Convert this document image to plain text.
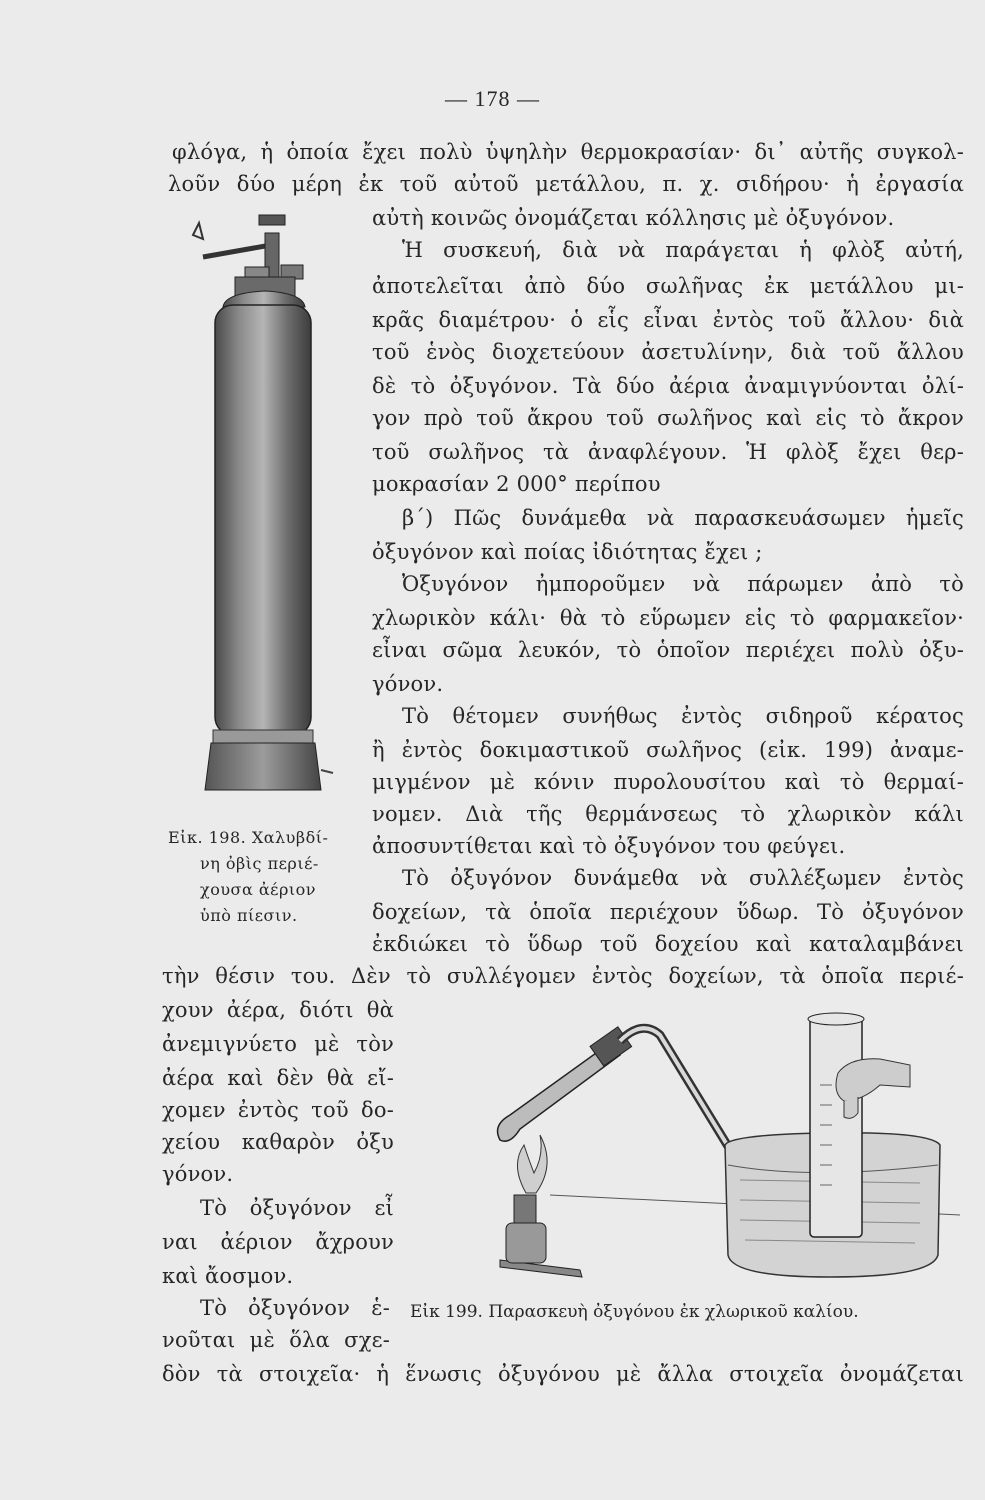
— 178 —
φλόγα, ἡ ὁποία ἔχει πολὺ ὑψηλὴν θερμοκρασίαν· δι᾽ αὐτῆς συγκολ-
λοῦν δύο μέρη ἐκ τοῦ αὐτοῦ μετάλλου, π. χ. σιδήρου· ἡ ἐργασία
αὐτὴ κοινῶς ὀνομάζεται κόλλησις μὲ ὀξυγόνον.
Ἡ συσκευή, διὰ νὰ παράγεται ἡ φλὸξ αὐτή,
ἀποτελεῖται ἀπὸ δύο σωλῆνας ἐκ μετάλλου μι-
κρᾶς διαμέτρου· ὁ εἷς εἶναι ἐντὸς τοῦ ἄλλου· διὰ
τοῦ ἑνὸς διοχετεύουν ἀσετυλίνην, διὰ τοῦ ἄλλου
δὲ τὸ ὀξυγόνον. Τὰ δύο ἀέρια ἀναμιγνύονται ὀλί-
γον πρὸ τοῦ ἄκρου τοῦ σωλῆνος καὶ εἰς τὸ ἄκρον
τοῦ σωλῆνος τὰ ἀναφλέγουν. Ἡ φλὸξ ἔχει θερ-
μοκρασίαν 2 000° περίπου
β΄) Πῶς δυνάμεθα νὰ παρασκευάσωμεν ἡμεῖς
ὀξυγόνον καὶ ποίας ἰδιότητας ἔχει ;
Ὀξυγόνον ἠμποροῦμεν νὰ πάρωμεν ἀπὸ τὸ
χλωρικὸν κάλι· θὰ τὸ εὕρωμεν εἰς τὸ φαρμακεῖον·
εἶναι σῶμα λευκόν, τὸ ὁποῖον περιέχει πολὺ ὀξυ-
γόνον.
Τὸ θέτομεν συνήθως ἐντὸς σιδηροῦ κέρατος
ἢ ἐντὸς δοκιμαστικοῦ σωλῆνος (εἰκ. 199) ἀναμε-
μιγμένον μὲ κόνιν πυρολουσίτου καὶ τὸ θερμαί-
νομεν. Διὰ τῆς θερμάνσεως τὸ χλωρικὸν κάλι
ἀποσυντίθεται καὶ τὸ ὀξυγόνον του φεύγει.
Τὸ ὀξυγόνον δυνάμεθα νὰ συλλέξωμεν ἐντὸς
δοχείων, τὰ ὁποῖα περιέχουν ὕδωρ. Τὸ ὀξυγόνον
ἐκδιώκει τὸ ὕδωρ τοῦ δοχείου καὶ καταλαμβάνει
τὴν θέσιν του. Δὲν τὸ συλλέγομεν ἐντὸς δοχείων, τὰ ὁποῖα περιέ-
χουν ἀέρα, διότι θὰ
ἀνεμιγνύετο μὲ τὸν
ἀέρα καὶ δὲν θὰ εἴ-
χομεν ἐντὸς τοῦ δο-
χείου καθαρὸν ὀξυ
γόνον.
Τὸ ὀξυγόνον εἶ
ναι ἀέριον ἄχρουν
καὶ ἄοσμον.
Τὸ ὀξυγόνον ἑ-
νοῦται μὲ ὅλα σχε-
δὸν τὰ στοιχεῖα· ἡ ἕνωσις ὀξυγόνου μὲ ἄλλα στοιχεῖα ὀνομάζεται
Εἰκ. 198. Χαλυβδί-
νη ὀβὶς περιέ-
χουσα ἀέριον
ὑπὸ πίεσιν.
Εἰκ 199. Παρασκευὴ ὀξυγόνου ἐκ χλωρικοῦ καλίου.
